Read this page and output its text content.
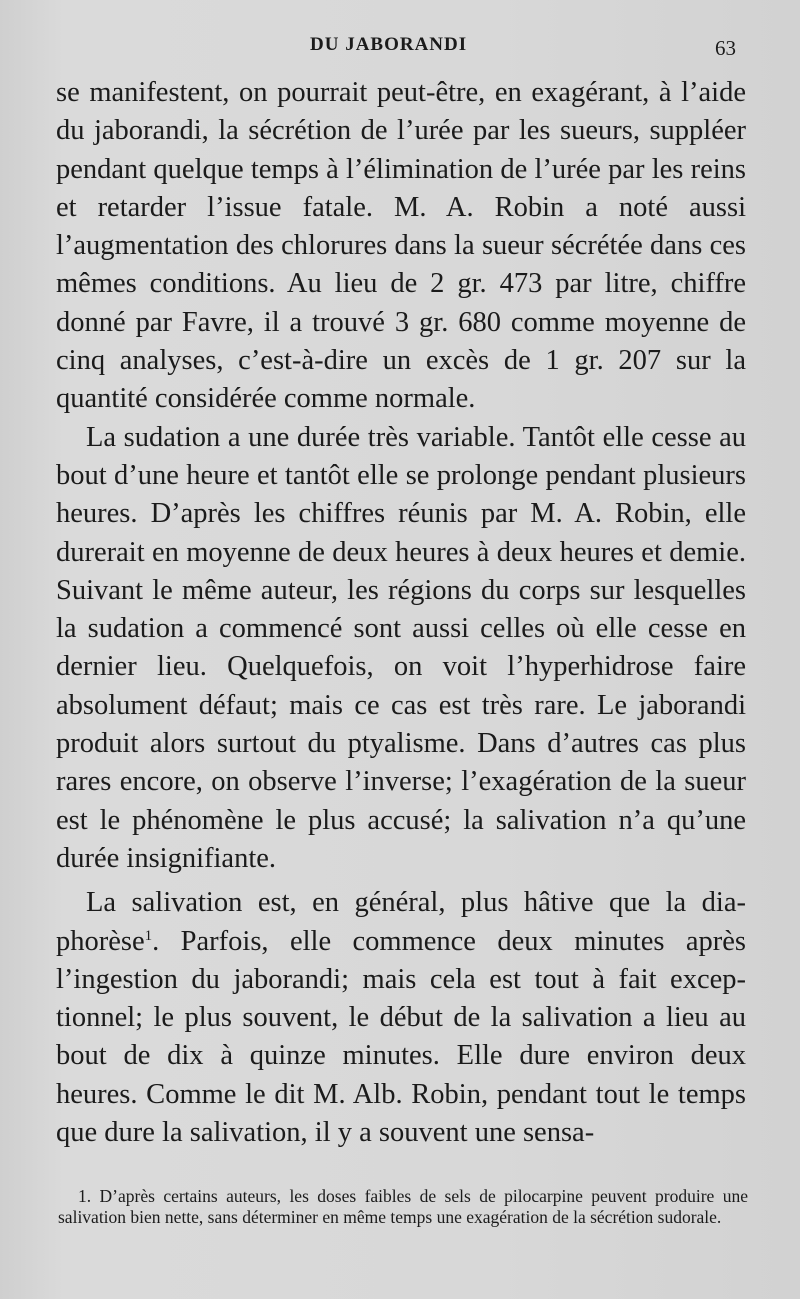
DU JABORANDI	63

se manifestent, on pourrait peut-être, en exagérant, à l’aide du jaborandi, la sécrétion de l’urée par les sueurs, suppléer pendant quelque temps à l’élimination de l’urée par les reins et retarder l’issue fatale. M. A. Robin a noté aussi l’augmentation des chlorures dans la sueur sécrétée dans ces mêmes conditions. Au lieu de 2 gr. 473 par litre, chiffre donné par Favre, il a trouvé 3 gr. 680 comme moyenne de cinq analyses, c’est-à-dire un excès de 1 gr. 207 sur la quantité considérée comme normale.

La sudation a une durée très variable. Tantôt elle cesse au bout d’une heure et tantôt elle se prolonge pendant plusieurs heures. D’après les chiffres réunis par M. A. Robin, elle durerait en moyenne de deux heures à deux heures et demie. Suivant le même auteur, les régions du corps sur lesquelles la sudation a commencé sont aussi celles où elle cesse en dernier lieu. Quelquefois, on voit l’hyperhidrose faire absolument défaut; mais ce cas est très rare. Le jaborandi produit alors surtout du ptyalisme. Dans d’autres cas plus rares encore, on observe l’inverse; l’exagération de la sueur est le phénomène le plus accusé; la salivation n’a qu’une durée insignifiante.

La salivation est, en général, plus hâtive que la diaphorèse$^1$. Parfois, elle commence deux minutes après l’ingestion du jaborandi; mais cela est tout à fait exceptionnel; le plus souvent, le début de la salivation a lieu au bout de dix à quinze minutes. Elle dure environ deux heures. Comme le dit M. Alb. Robin, pendant tout le temps que dure la salivation, il y a souvent une sensa-

1. D’après certains auteurs, les doses faibles de sels de pilocarpine peuvent produire une salivation bien nette, sans déterminer en même temps une exagération de la sécrétion sudorale.
